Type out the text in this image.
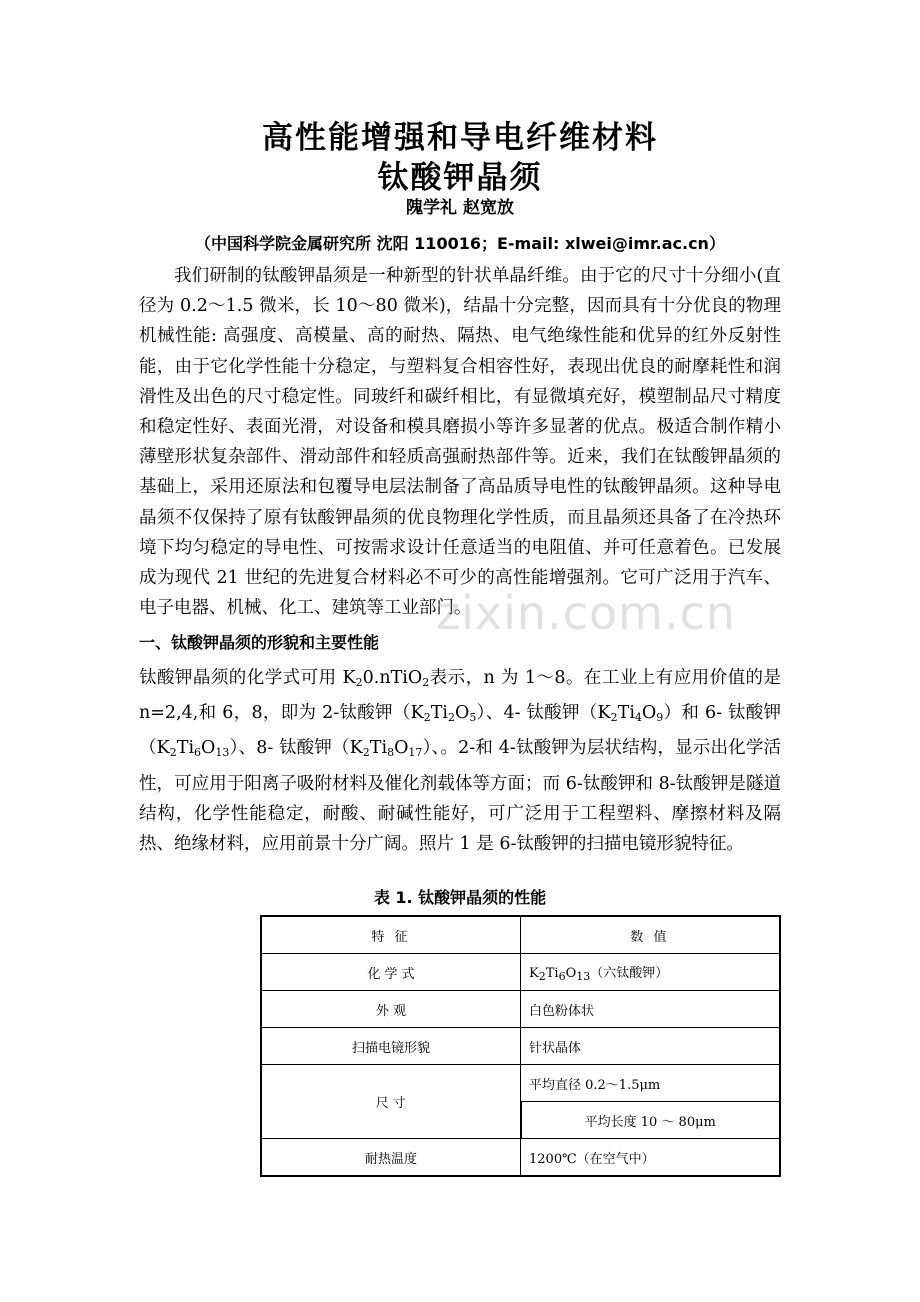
高性能增强和导电纤维材料
钛酸钾晶须
隗学礼 赵宽放
（中国科学院金属研究所 沈阳 110016；E-mail: xlwei@imr.ac.cn）
我们研制的钛酸钾晶须是一种新型的针状单晶纤维。由于它的尺寸十分细小(直径为 0.2～1.5 微米，长 10～80 微米)，结晶十分完整，因而具有十分优良的物理机械性能: 高强度、高模量、高的耐热、隔热、电气绝缘性能和优异的红外反射性能，由于它化学性能十分稳定，与塑料复合相容性好，表现出优良的耐摩耗性和润滑性及出色的尺寸稳定性。同玻纤和碳纤相比，有显微填充好，模塑制品尺寸精度和稳定性好、表面光滑，对设备和模具磨损小等许多显著的优点。极适合制作精小薄壁形状复杂部件、滑动部件和轻质高强耐热部件等。近来，我们在钛酸钾晶须的基础上，采用还原法和包覆导电层法制备了高品质导电性的钛酸钾晶须。这种导电晶须不仅保持了原有钛酸钾晶须的优良物理化学性质，而且晶须还具备了在冷热环境下均匀稳定的导电性、可按需求设计任意适当的电阻值、并可任意着色。已发展成为现代 21 世纪的先进复合材料必不可少的高性能增强剂。它可广泛用于汽车、电子电器、机械、化工、建筑等工业部门。
zixin.com.cn
一、钛酸钾晶须的形貌和主要性能
钛酸钾晶须的化学式可用 $K_20.nTiO_2$表示，n 为 1～8。在工业上有应用价值的是 n=2,4,和 6，8，即为 2-钛酸钾$(K_2Ti_2O_5)$、4- 钛酸钾$(K_2Ti_4O_9)$和 6- 钛酸钾$(K_2Ti_6O_{13})$、8- 钛酸钾$(K_2Ti_8O_{17})$、。2-和 4-钛酸钾为层状结构，显示出化学活性，可应用于阳离子吸附材料及催化剂载体等方面；而 6-钛酸钾和 8-钛酸钾是隧道结构，化学性能稳定，耐酸、耐碱性能好，可广泛用于工程塑料、摩擦材料及隔热、绝缘材料，应用前景十分广阔。照片 1 是 6-钛酸钾的扫描电镜形貌特征。
表 1. 钛酸钾晶须的性能
特 征	数 值
化 学 式	$K_2Ti_6O_{13}$（六钛酸钾）
外 观	白色粉体状
扫描电镜形貌	针状晶体
尺 寸	平均直径 0.2～1.5μm
	平均长度 10 ～ 80μm
耐热温度	1200℃（在空气中）
